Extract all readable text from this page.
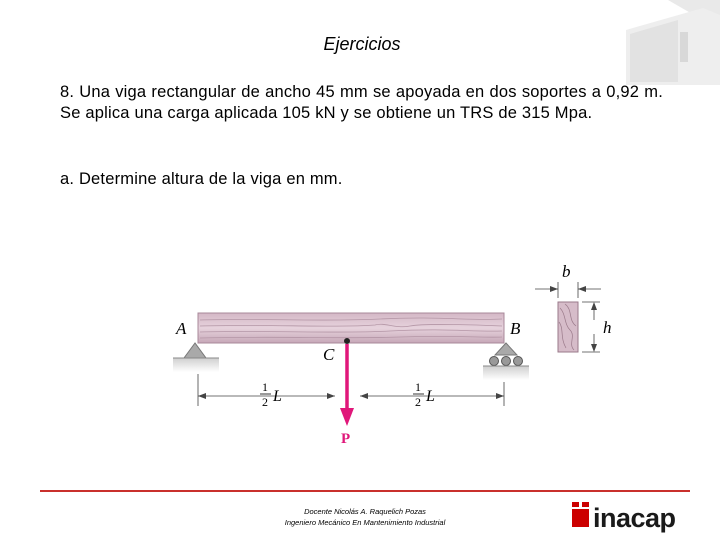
Ejercicios
8. Una viga rectangular de ancho 45 mm se apoyada en dos soportes a 0,92 m. Se aplica una carga aplicada 105 kN y se obtiene un TRS de 315 Mpa.
a. Determine altura de la viga en mm.
A	B
C
1
2 L
1
2 L
P
b
h
Docente Nicolás A. Raquelich Pozas
Ingeniero Mecánico En Mantenimiento Industrial	inacap
